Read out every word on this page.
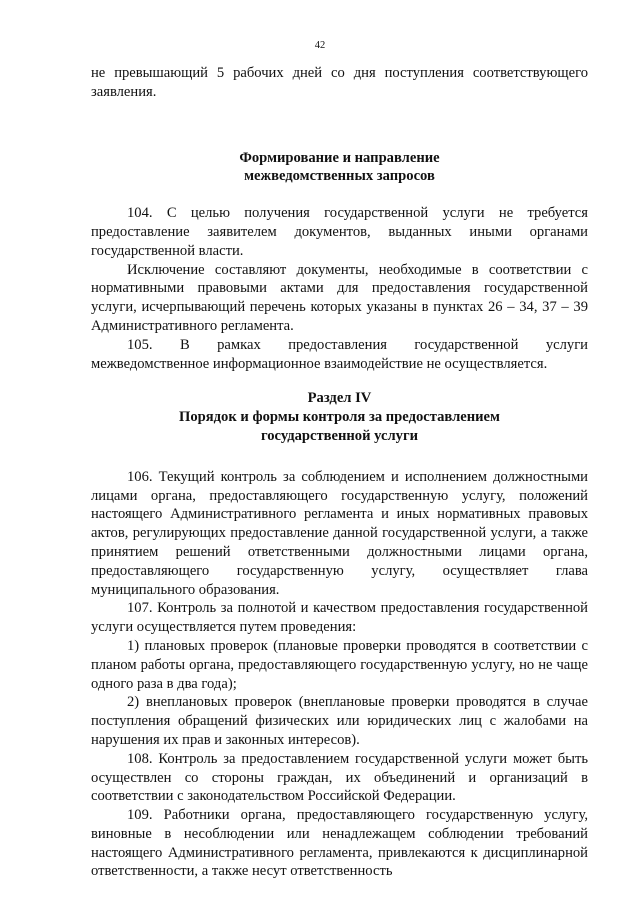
42

не превышающий 5 рабочих дней со дня поступления соответствующего заявления.

Формирование и направление

межведомственных запросов

104. С целью получения государственной услуги не требуется предоставление заявителем документов, выданных иными органами государственной власти.

Исключение составляют документы, необходимые в соответствии с нормативными правовыми актами для предоставления государственной услуги, исчерпывающий перечень которых указаны в пунктах 26 – 34, 37 – 39 Административного регламента.

105. В рамках предоставления государственной услуги межведомственное информационное взаимодействие не осуществляется.

Раздел IV

Порядок и формы контроля за предоставлением

государственной услуги

106. Текущий контроль за соблюдением и исполнением должностными лицами органа, предоставляющего государственную услугу, положений настоящего Административного регламента и иных нормативных правовых актов, регулирующих предоставление данной государственной услуги, а также принятием решений ответственными должностными лицами органа, предоставляющего государственную услугу, осуществляет глава муниципального образования.

107. Контроль за полнотой и качеством предоставления государственной услуги осуществляется путем проведения:

1) плановых проверок (плановые проверки проводятся в соответствии с планом работы органа, предоставляющего государственную услугу, но не чаще одного раза в два года);

2) внеплановых проверок (внеплановые проверки проводятся в случае поступления обращений физических или юридических лиц с жалобами на нарушения их прав и законных интересов).

108. Контроль за предоставлением государственной услуги может быть осуществлен со стороны граждан, их объединений и организаций в соответствии с законодательством Российской Федерации.

109. Работники органа, предоставляющего государственную услугу, виновные в несоблюдении или ненадлежащем соблюдении требований настоящего Административного регламента, привлекаются к дисциплинарной ответственности, а также несут ответственность
